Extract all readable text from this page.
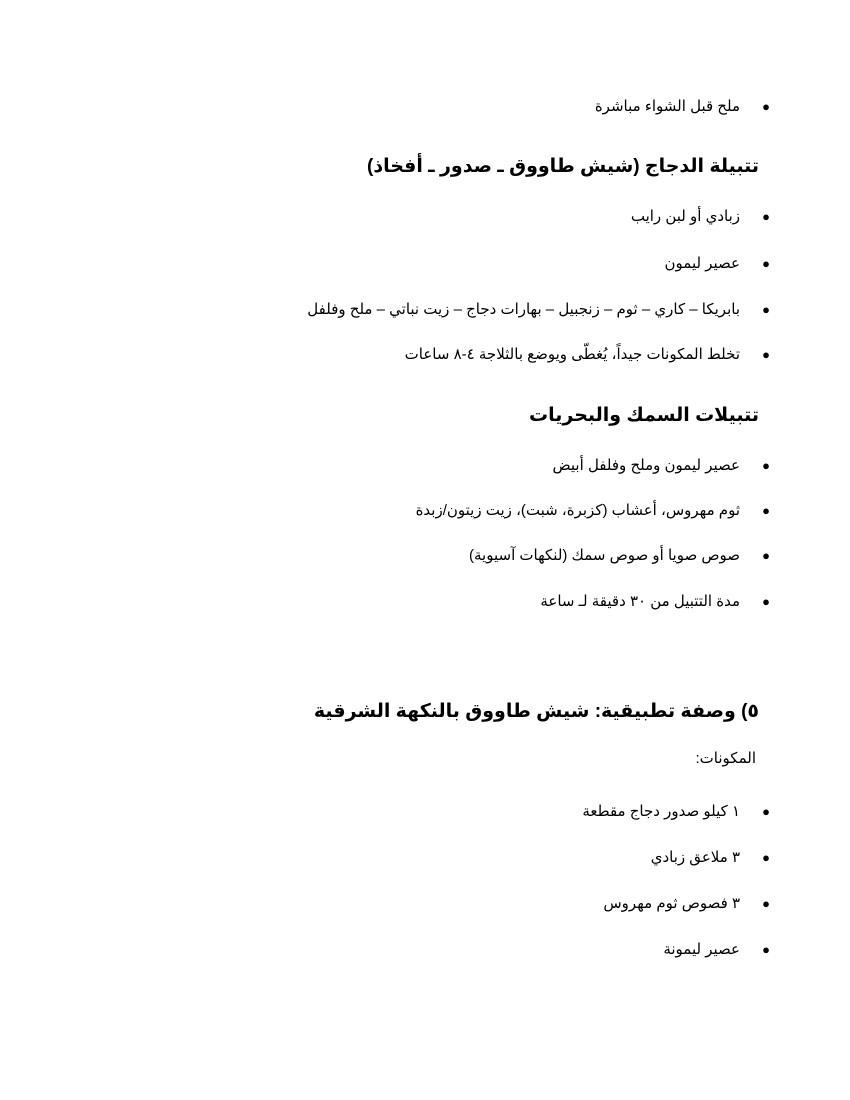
●
ملح قبل الشواء مباشرة
تتبيلة الدجاج (شيش طاووق ـ صدور ـ أفخاذ)
●
زبادي أو لبن رايب
●
عصير ليمون
●
بابريكا – كاري – ثوم – زنجبيل – بهارات دجاج – زيت نباتي – ملح وفلفل
●
تخلط المكونات جيداً، يُغطّى ويوضع بالثلاجة ٤-٨ ساعات
تتبيلات السمك والبحريات
●
عصير ليمون وملح وفلفل أبيض
●
ثوم مهروس، أعشاب (كزبرة، شبت)، زيت زيتون/زبدة
●
صوص صويا أو صوص سمك (لنكهات آسيوية)
●
مدة التتبيل من ٣٠ دقيقة لـ ساعة
٥) وصفة تطبيقية: شيش طاووق بالنكهة الشرقية
المكونات:
●
١ كيلو صدور دجاج مقطعة
●
٣ ملاعق زبادي
●
٣ فصوص ثوم مهروس
●
عصير ليمونة
